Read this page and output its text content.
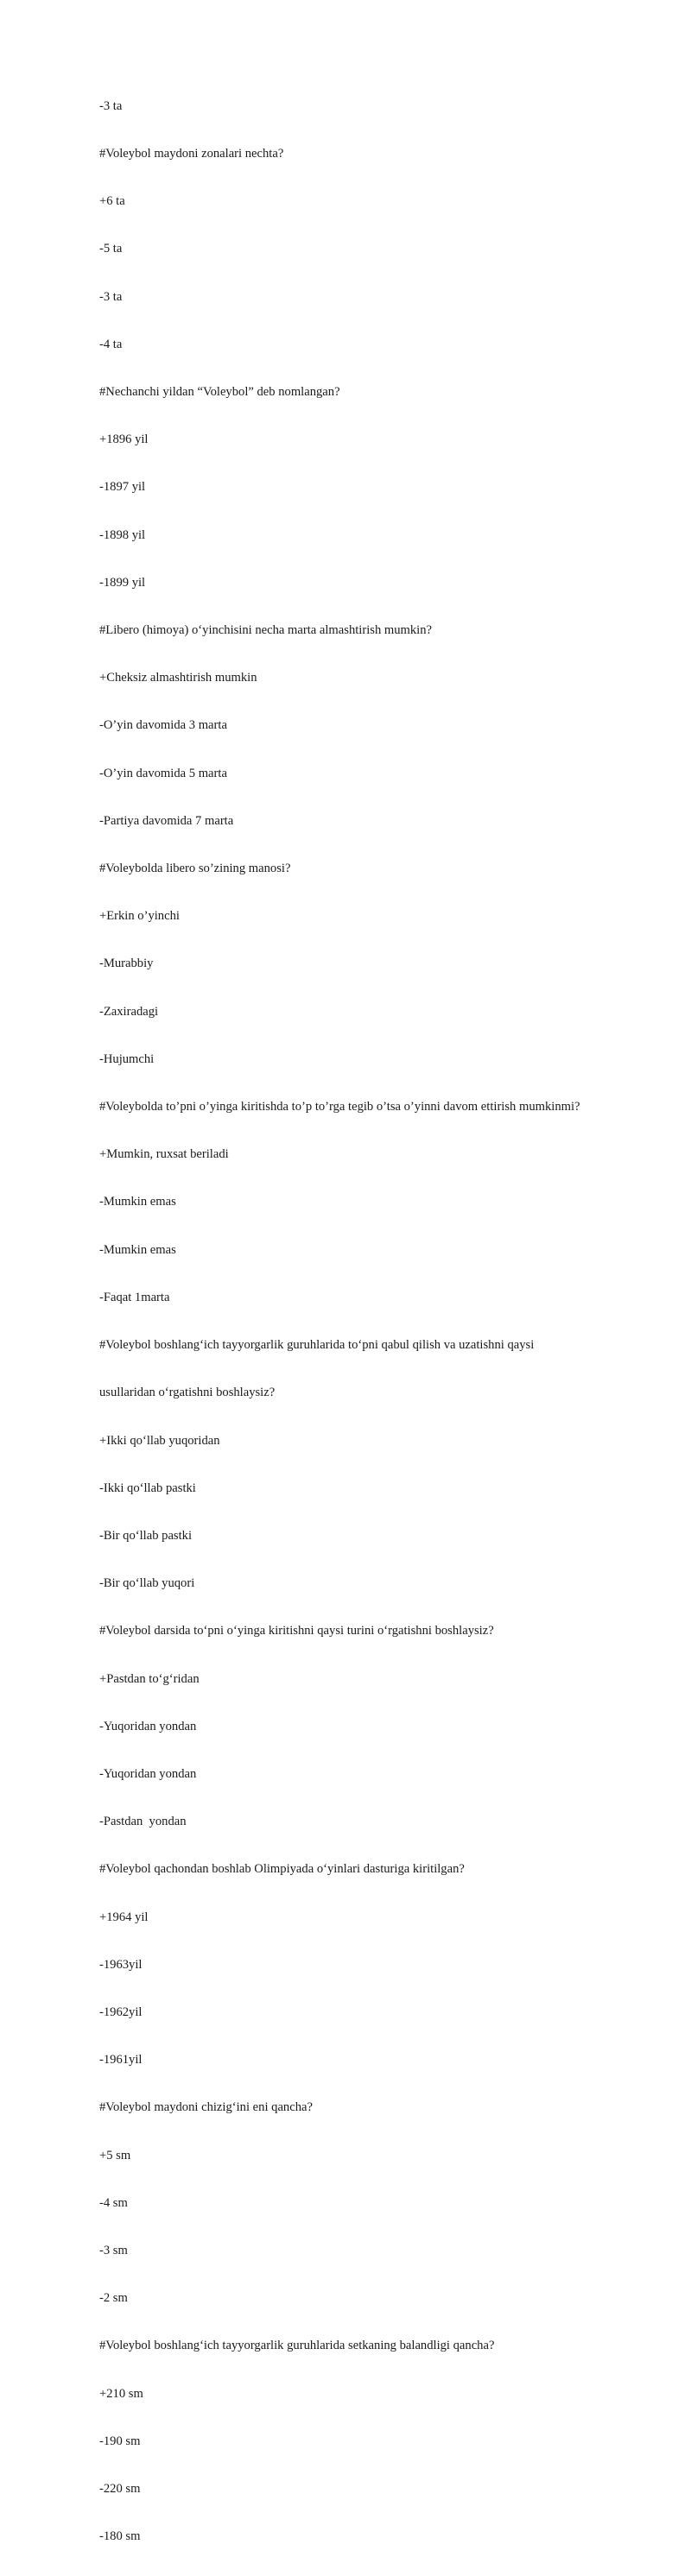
-3 ta

#Voleybol maydoni zonalari nechta?

+6 ta

-5 ta

-3 ta

-4 ta

#Nechanchi yildan “Voleybol” deb nomlangan?

+1896 yil

-1897 yil

-1898 yil

-1899 yil

#Libero (himoya) o‘yinchisini necha marta almashtirish mumkin?

+Cheksiz almashtirish mumkin

-O’yin davomida 3 marta

-O’yin davomida 5 marta

-Partiya davomida 7 marta

#Voleybolda libero so’zining manosi?

+Erkin o’yinchi

-Murabbiy

-Zaxiradagi

-Hujumchi

#Voleybolda to’pni o’yinga kiritishda to’p to’rga tegib o’tsa o’yinni davom ettirish mumkinmi?

+Mumkin, ruxsat beriladi

-Mumkin emas

-Mumkin emas

-Faqat 1marta

#Voleybol boshlang‘ich tayyorgarlik guruhlarida to‘pni qabul qilish va uzatishni qaysi

usullaridan o‘rgatishni boshlaysiz?

+Ikki qo‘llab yuqoridan

-Ikki qo‘llab pastki

-Bir qo‘llab pastki

-Bir qo‘llab yuqori

#Voleybol darsida to‘pni o‘yinga kiritishni qaysi turini o‘rgatishni boshlaysiz?

+Pastdan to‘g‘ridan

-Yuqoridan yondan

-Yuqoridan yondan

-Pastdan  yondan

#Voleybol qachondan boshlab Olimpiyada o‘yinlari dasturiga kiritilgan?

+1964 yil

-1963yil

-1962yil

-1961yil

#Voleybol maydoni chizig‘ini eni qancha?

+5 sm

-4 sm

-3 sm

-2 sm

#Voleybol boshlang‘ich tayyorgarlik guruhlarida setkaning balandligi qancha?

+210 sm

-190 sm

-220 sm

-180 sm
